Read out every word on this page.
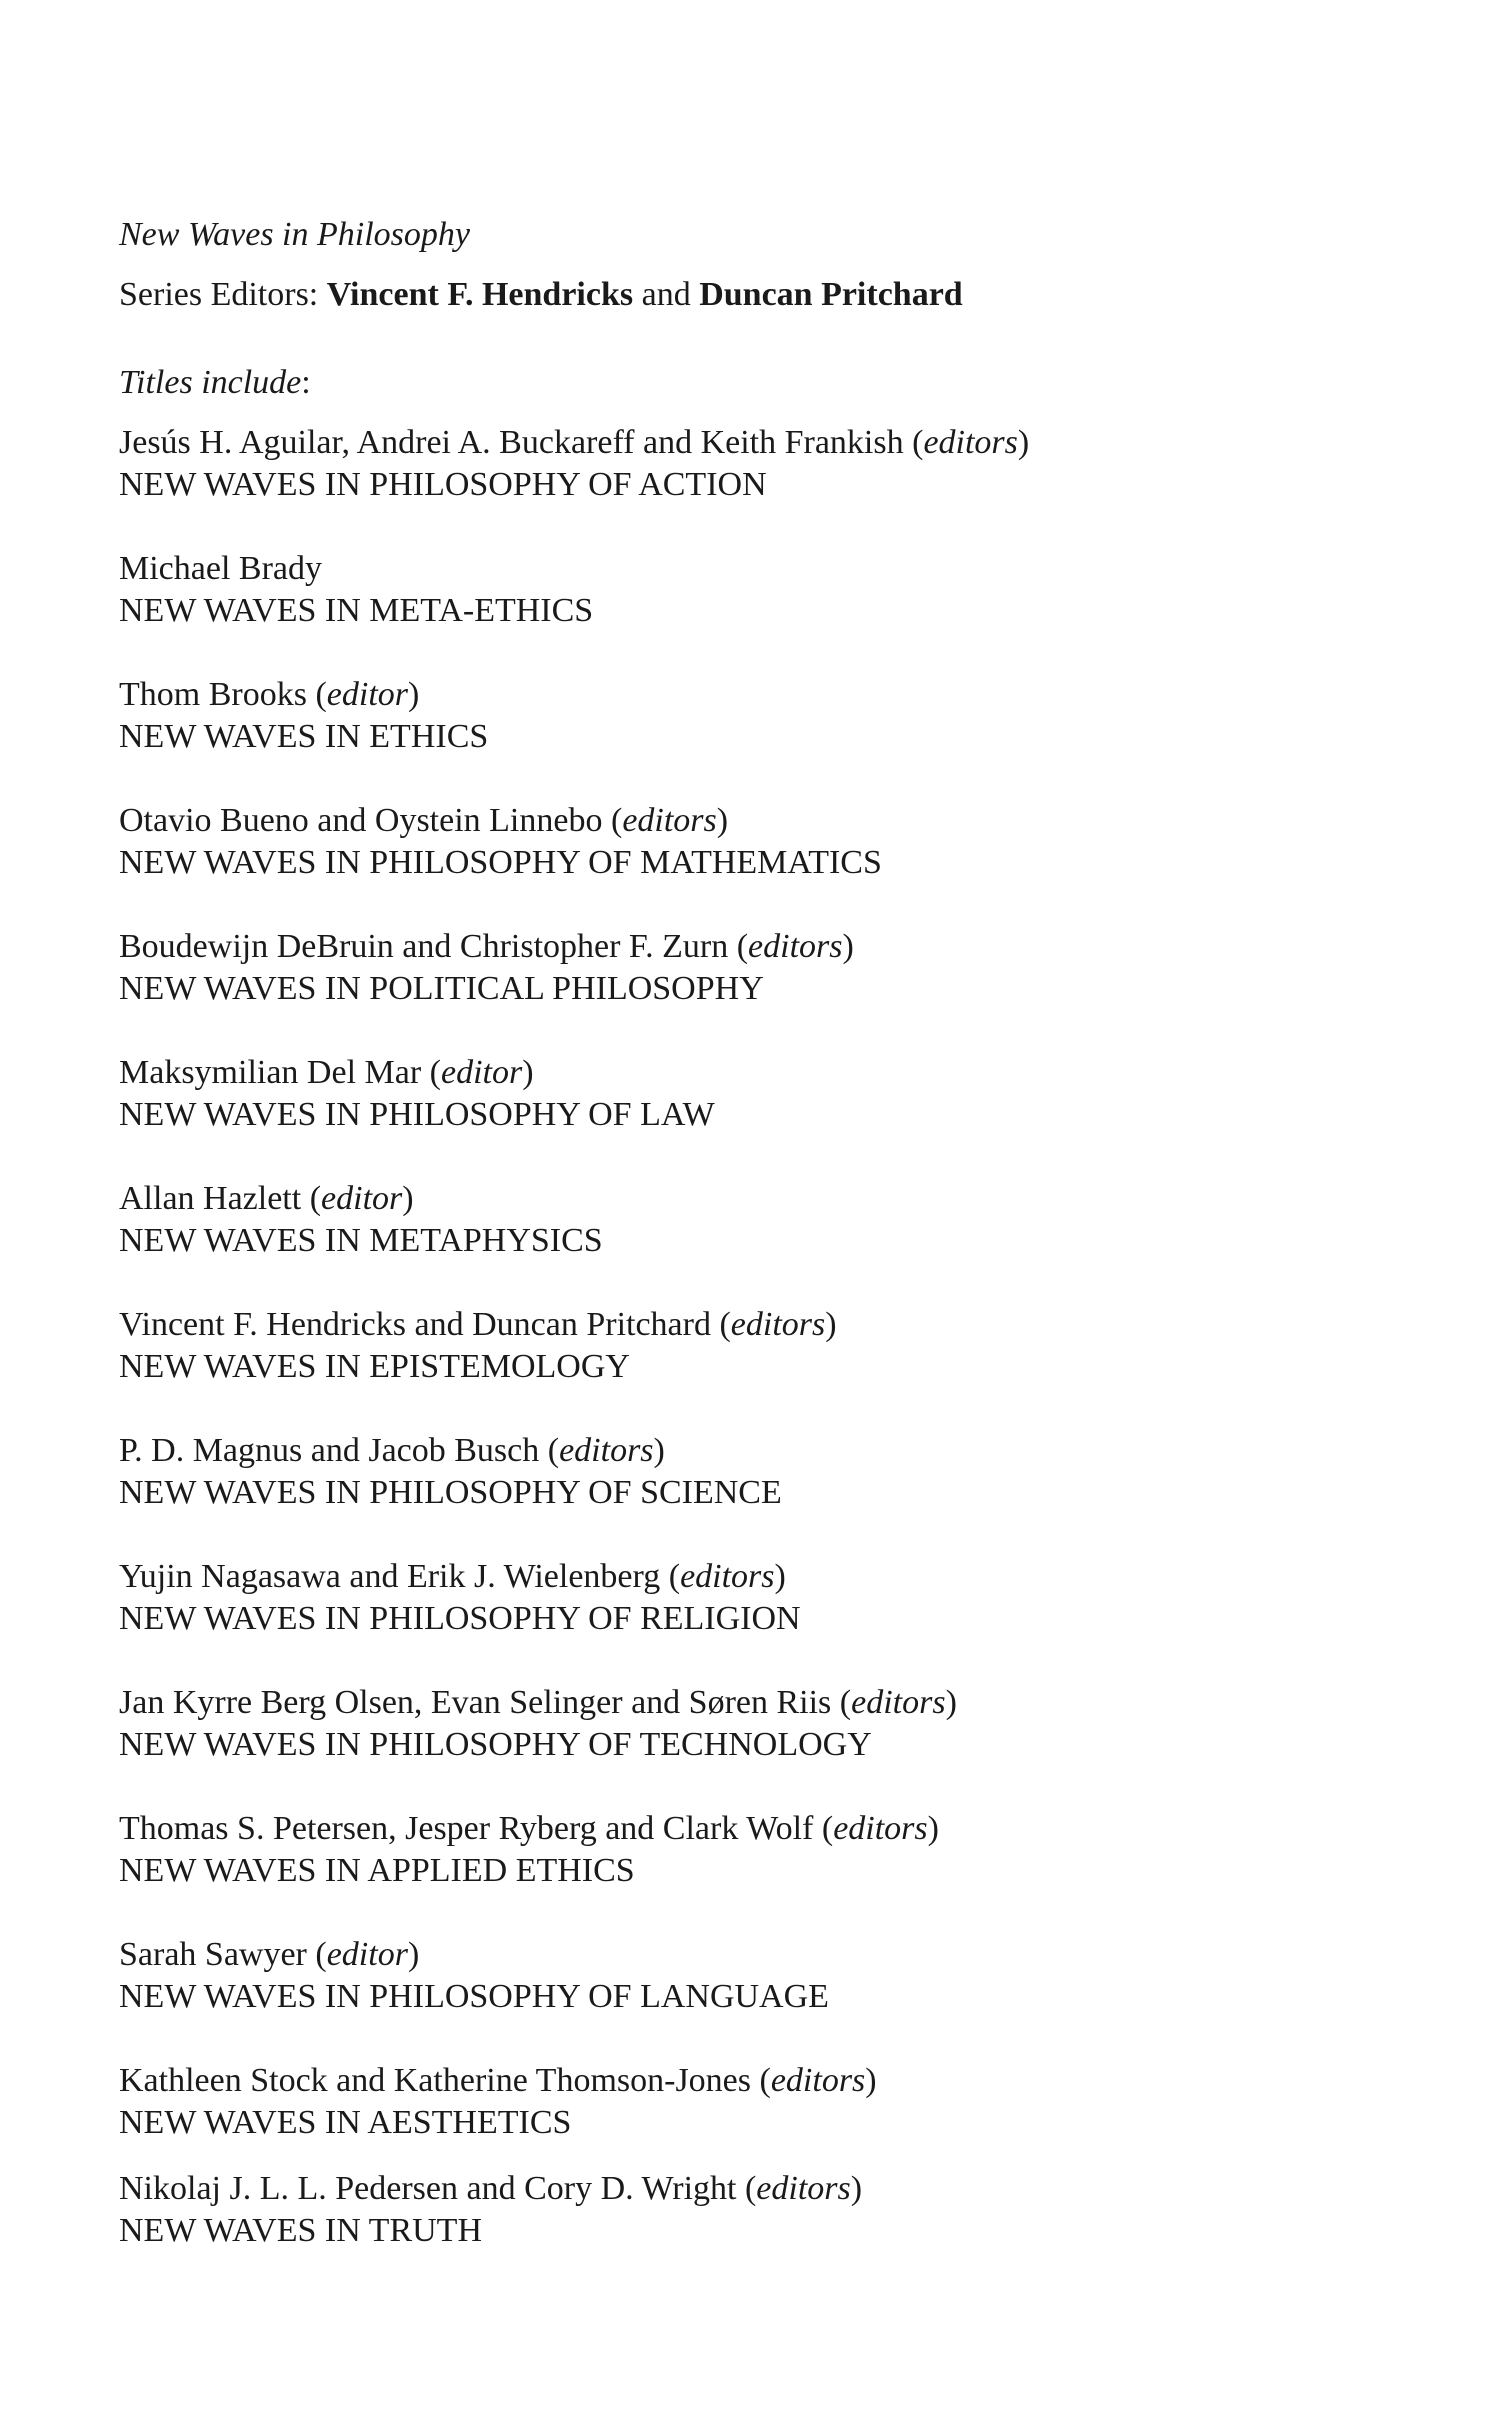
New Waves in Philosophy

Series Editors: Vincent F. Hendricks and Duncan Pritchard

Titles include:

Jesús H. Aguilar, Andrei A. Buckareff and Keith Frankish (editors)
NEW WAVES IN PHILOSOPHY OF ACTION
Michael Brady
NEW WAVES IN META-ETHICS
Thom Brooks (editor)
NEW WAVES IN ETHICS
Otavio Bueno and Oystein Linnebo (editors)
NEW WAVES IN PHILOSOPHY OF MATHEMATICS
Boudewijn DeBruin and Christopher F. Zurn (editors)
NEW WAVES IN POLITICAL PHILOSOPHY
Maksymilian Del Mar (editor)
NEW WAVES IN PHILOSOPHY OF LAW
Allan Hazlett (editor)
NEW WAVES IN METAPHYSICS
Vincent F. Hendricks and Duncan Pritchard (editors)
NEW WAVES IN EPISTEMOLOGY
P. D. Magnus and Jacob Busch (editors)
NEW WAVES IN PHILOSOPHY OF SCIENCE
Yujin Nagasawa and Erik J. Wielenberg (editors)
NEW WAVES IN PHILOSOPHY OF RELIGION
Jan Kyrre Berg Olsen, Evan Selinger and Søren Riis (editors)
NEW WAVES IN PHILOSOPHY OF TECHNOLOGY
Thomas S. Petersen, Jesper Ryberg and Clark Wolf (editors)
NEW WAVES IN APPLIED ETHICS
Sarah Sawyer (editor)
NEW WAVES IN PHILOSOPHY OF LANGUAGE
Kathleen Stock and Katherine Thomson-Jones (editors)
NEW WAVES IN AESTHETICS
Nikolaj J. L. L. Pedersen and Cory D. Wright (editors)
NEW WAVES IN TRUTH
